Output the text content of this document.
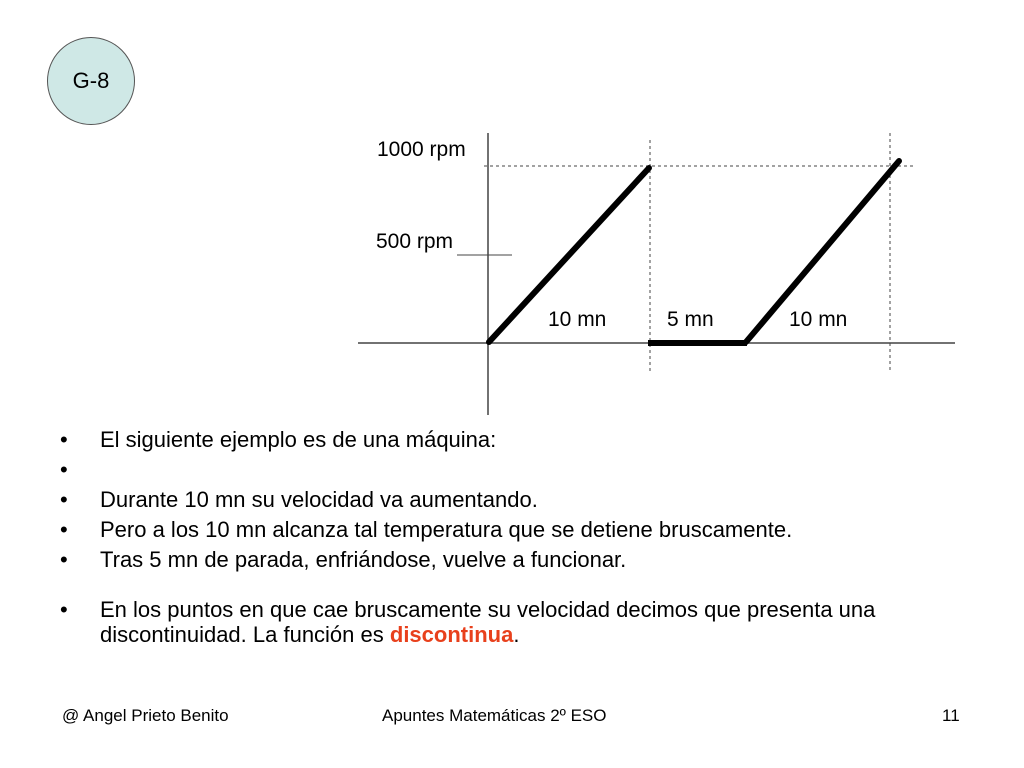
G-8
1000 rpm
500 rpm
10 mn	5 mn	10 mn
• El siguiente ejemplo es de una máquina:
•
• Durante 10 mn su velocidad va aumentando.
• Pero a los 10 mn alcanza tal temperatura que se detiene bruscamente.
• Tras 5 mn de parada, enfriándose, vuelve a funcionar.
• En los puntos en que cae bruscamente su velocidad decimos que presenta una discontinuidad. La función es discontinua.
@ Angel Prieto Benito	Apuntes Matemáticas 2º ESO	11
